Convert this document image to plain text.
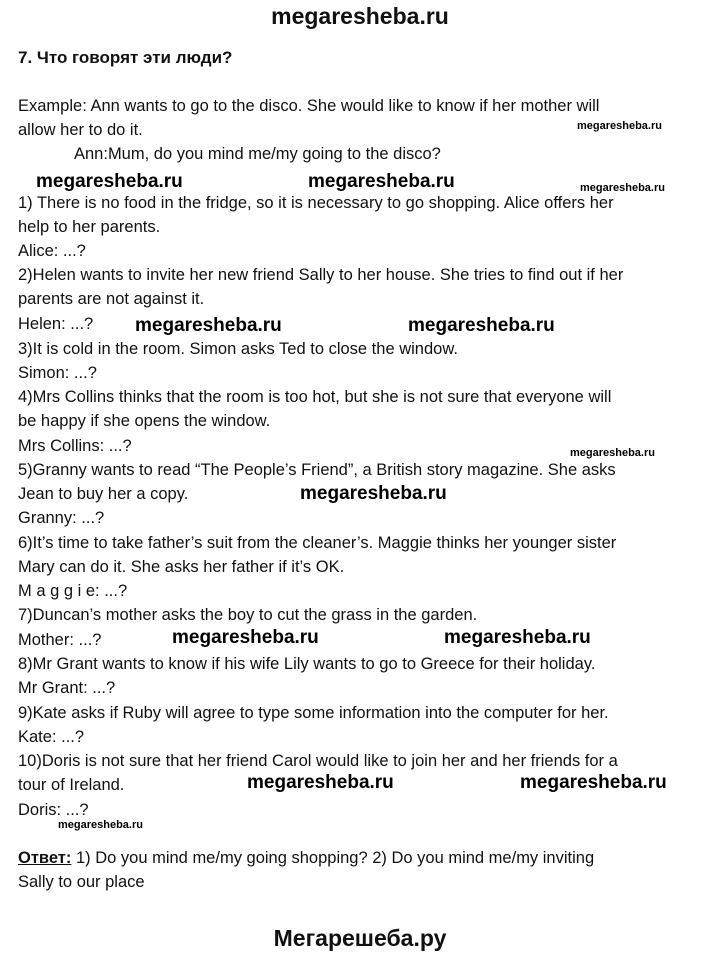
megaresheba.ru
7. Что говорят эти люди?
Example: Ann wants to go to the disco. She would like to know if her mother will
allow her to do it.
Ann:Mum, do you mind me/my going to the disco?
1) There is no food in the fridge, so it is necessary to go shopping. Alice offers her
help to her parents.
Alice: ...?
2)Helen wants to invite her new friend Sally to her house. She tries to find out if her
parents are not against it.
Helen: ...?
3)It is cold in the room. Simon asks Ted to close the window.
Simon: ...?
4)Mrs Collins thinks that the room is too hot, but she is not sure that everyone will
be happy if she opens the window.
Mrs Collins: ...?
5)Granny wants to read “The People’s Friend”, a British story magazine. She asks
Jean to buy her a copy.
Granny: ...?
6)It’s time to take father’s suit from the cleaner’s. Maggie thinks her younger sister
Mary can do it. She asks her father if it’s OK.
M a g g i e: ...?
7)Duncan’s mother asks the boy to cut the grass in the garden.
Mother: ...?
8)Mr Grant wants to know if his wife Lily wants to go to Greece for their holiday.
Mr Grant: ...?
9)Kate asks if Ruby will agree to type some information into the computer for her.
Kate: ...?
10)Doris is not sure that her friend Carol would like to join her and her friends for a
tour of Ireland.
Doris: ...?
Ответ: 1) Do you mind me/my going shopping? 2) Do you mind me/my inviting
Sally to our place
megaresheba.ru
megaresheba.ru	megaresheba.ru	megaresheba.ru
megaresheba.ru	megaresheba.ru
megaresheba.ru
megaresheba.ru
megaresheba.ru	megaresheba.ru
megaresheba.ru	megaresheba.ru
megaresheba.ru
Мегарешеба.ру
